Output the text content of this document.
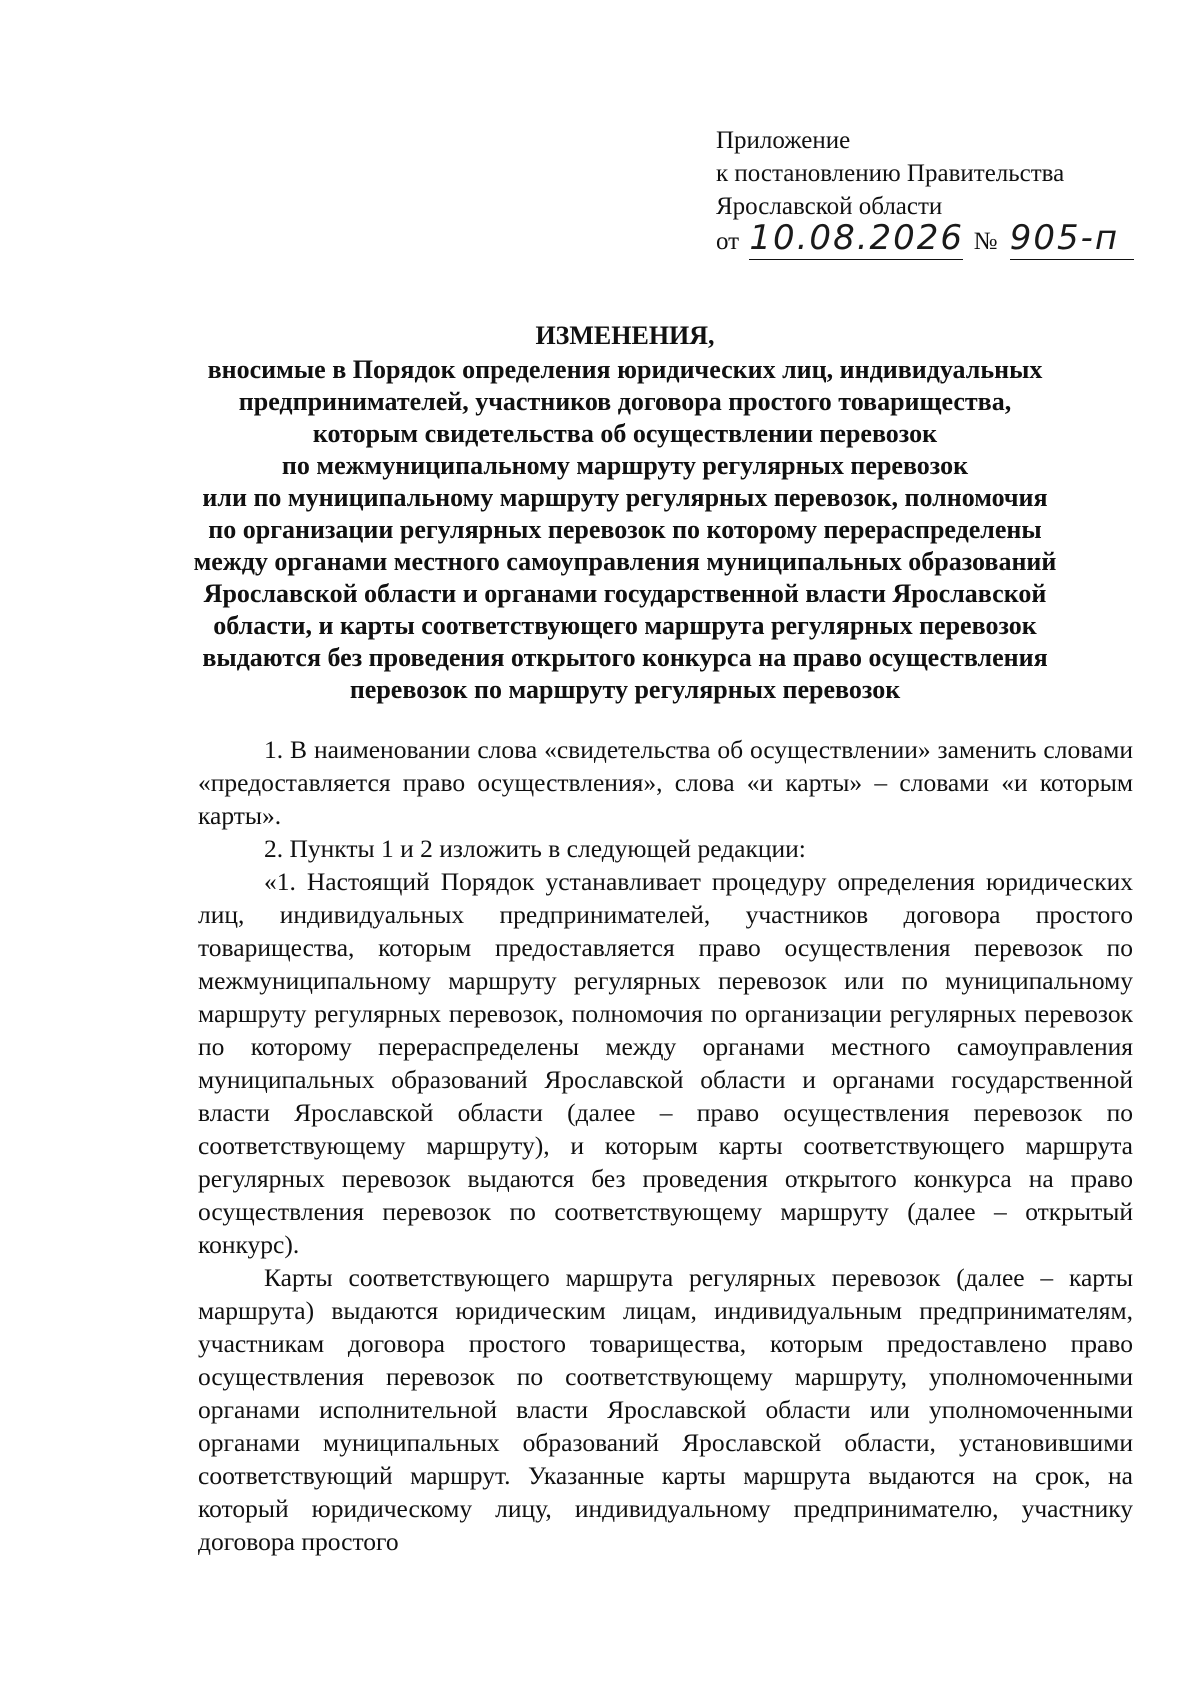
Приложение
к постановлению Правительства
Ярославской области
от 10.08.2026 № 905-п
ИЗМЕНЕНИЯ,
вносимые в Порядок определения юридических лиц, индивидуальных
предпринимателей, участников договора простого товарищества,
которым свидетельства об осуществлении перевозок
по межмуниципальному маршруту регулярных перевозок
или по муниципальному маршруту регулярных перевозок, полномочия
по организации регулярных перевозок по которому перераспределены
между органами местного самоуправления муниципальных образований
Ярославской области и органами государственной власти Ярославской
области, и карты соответствующего маршрута регулярных перевозок
выдаются без проведения открытого конкурса на право осуществления
перевозок по маршруту регулярных перевозок

1. В наименовании слова «свидетельства об осуществлении» заменить словами «предоставляется право осуществления», слова «и карты» – словами «и которым карты».

2. Пункты 1 и 2 изложить в следующей редакции:

«1. Настоящий Порядок устанавливает процедуру определения юридических лиц, индивидуальных предпринимателей, участников договора простого товарищества, которым предоставляется право осуществления перевозок по межмуниципальному маршруту регулярных перевозок или по муниципальному маршруту регулярных перевозок, полномочия по организации регулярных перевозок по которому перераспределены между органами местного самоуправления муниципальных образований Ярославской области и органами государственной власти Ярославской области (далее – право осуществления перевозок по соответствующему маршруту), и которым карты соответствующего маршрута регулярных перевозок выдаются без проведения открытого конкурса на право осуществления перевозок по соответствующему маршруту (далее – открытый конкурс).

Карты соответствующего маршрута регулярных перевозок (далее – карты маршрута) выдаются юридическим лицам, индивидуальным предпринимателям, участникам договора простого товарищества, которым предоставлено право осуществления перевозок по соответствующему маршруту, уполномоченными органами исполнительной власти Ярославской области или уполномоченными органами муниципальных образований Ярославской области, установившими соответствующий маршрут. Указанные карты маршрута выдаются на срок, на который юридическому лицу, индивидуальному предпринимателю, участнику договора простого
